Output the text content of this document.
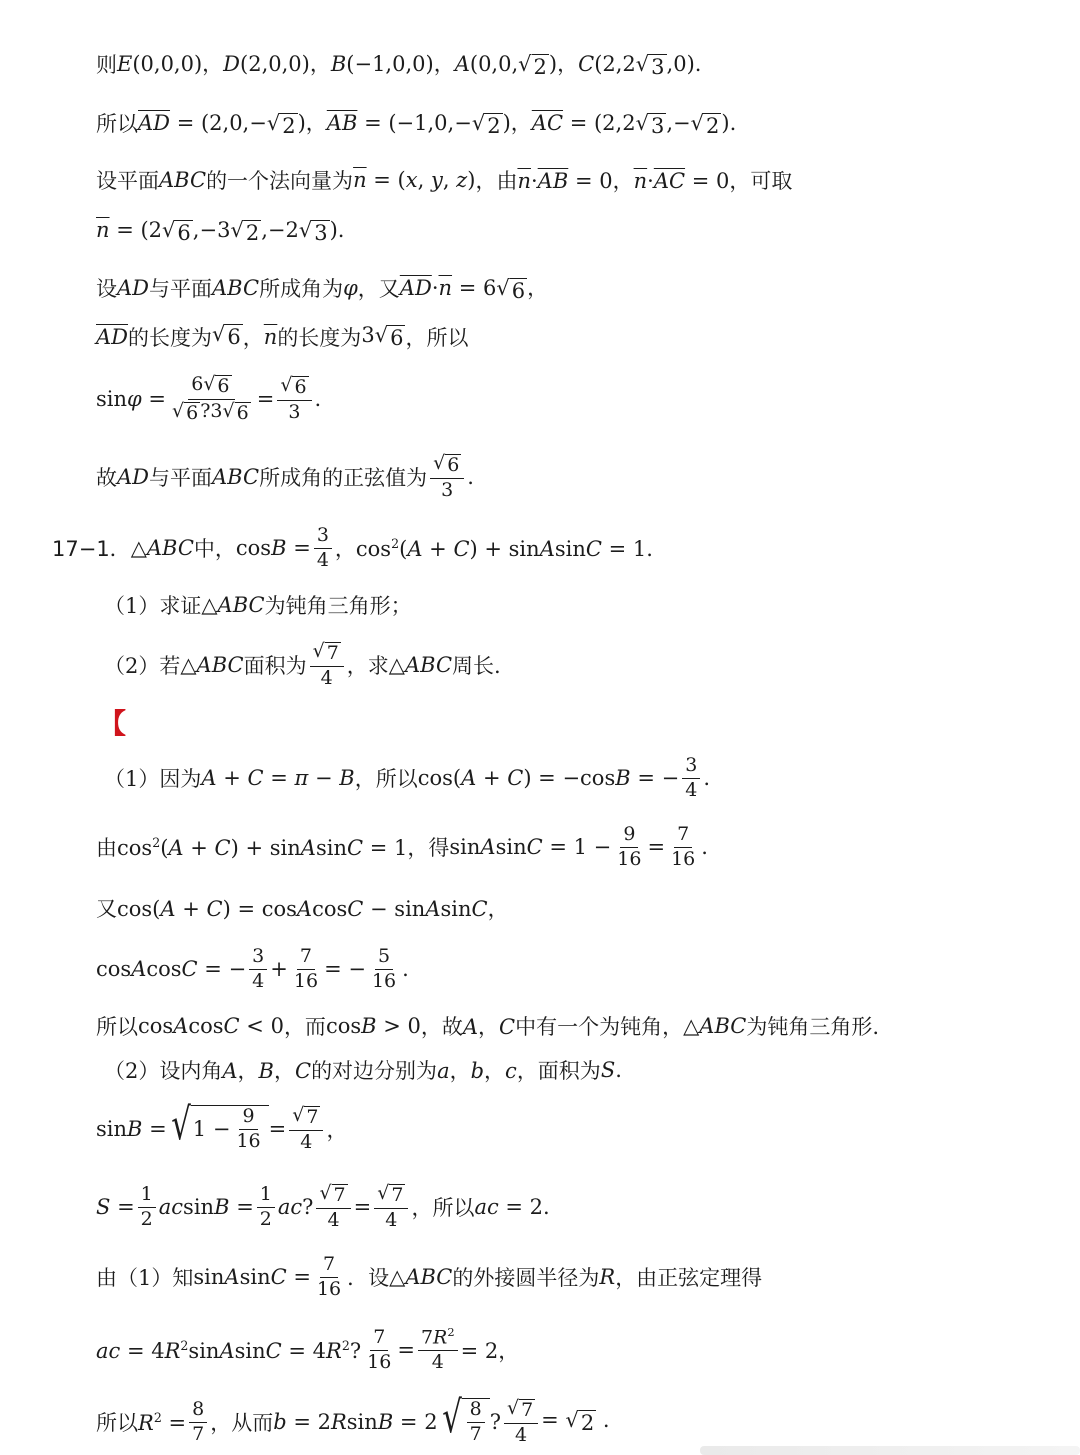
则 E(0,0,0)，D(2,0,0)，B(−1,0,0)，A(0,0, √ 2 )，C(2,2 √ 3 ,0).
所以 $\overline{AD} = (2,0,-$ √ 2 )，$\overline{AB} = (-1,0,-$ √ 2 )，$\overline{AC} = (2,2$ √ 3 ,− √ 2 ).
设平面 ABC 的一个法向量为 $\overline{n} = (x$, y, z) ，由 $\overline{n}\cdot\overline{AB} = 0$，$\overline{n}\cdot\overline{AC} = 0$ ，可取
$\overline{n} = (2$ √ 6 ,−3 √ 2 ,−2 √ 3 ).
设 AD 与平面 ABC 所成角为 φ ，又 $\overline{AD}\cdot\overline{n} = 6$ √ 6 ，
$\overline{AD}$ 的长度为 √ 6 ， $\overline{n}$ 的长度为 3 √ 6 ，所以
$\sin\varphi = \frac{6 √ 6}{√ 6 ?3 √ 6} = \frac{√ 6}{3}$ .
故 AD 与平面 ABC 所成角的正弦值为 $\frac{√ 6}{3}$ .
17−1． △ABC 中， $\cos B = \frac{3}{4}$ ，$\cos^2(A + C)$ + sinAsinC = 1.
（1）求证 △ABC 为钝角三角形；
（2）若 △ABC 面积为 $\frac{√ 7}{4}$ ，求 △ABC 周长.
【
（1）因为 A + C = π − B ，所以 cos(A + C) = −cosB = − $\frac{3}{4}$ .
由 $\cos^2(A + C)$ + sinAsinC = 1 ，得 sinAsinC = $1 - \frac{9}{16} = \frac{7}{16}$ .
又 cos(A + C) = cosAcosC − sinAsinC，
cosAcosC = − $\frac{3}{4} + \frac{7}{16}$ = − $\frac{5}{16}$ .
所以 cosAcosC < 0 ，而 cosB > 0 ，故 A，C 中有一个为钝角， △ABC 为钝角三角形.
（2）设内角 A，B，C 的对边分别为 a，b，c ，面积为 S.
sinB = √ $1 - \frac{9}{16} = \frac{√ 7}{4}$ ，
$S = \frac{1}{2}$ $acsinB = \frac{1}{2}$ ac? $\frac{√ 7}{4} = \frac{√ 7}{4}$ ，所以 ac = 2.
由（1）知 sinAsinC = $\frac{7}{16}$ ．设 △ABC 的外接圆半径为 R ，由正弦定理得
ac = $4R^2sinAsinC = 4R^2$? $\frac{7}{16} = \frac{7R^2}{4} = 2$，
所以 $R^2 = \frac{8}{7}$ ，从而 b = 2RsinB = 2 √ $\frac{8}{7}$ ? $\frac{√ 7}{4}$ = √ 2 .
